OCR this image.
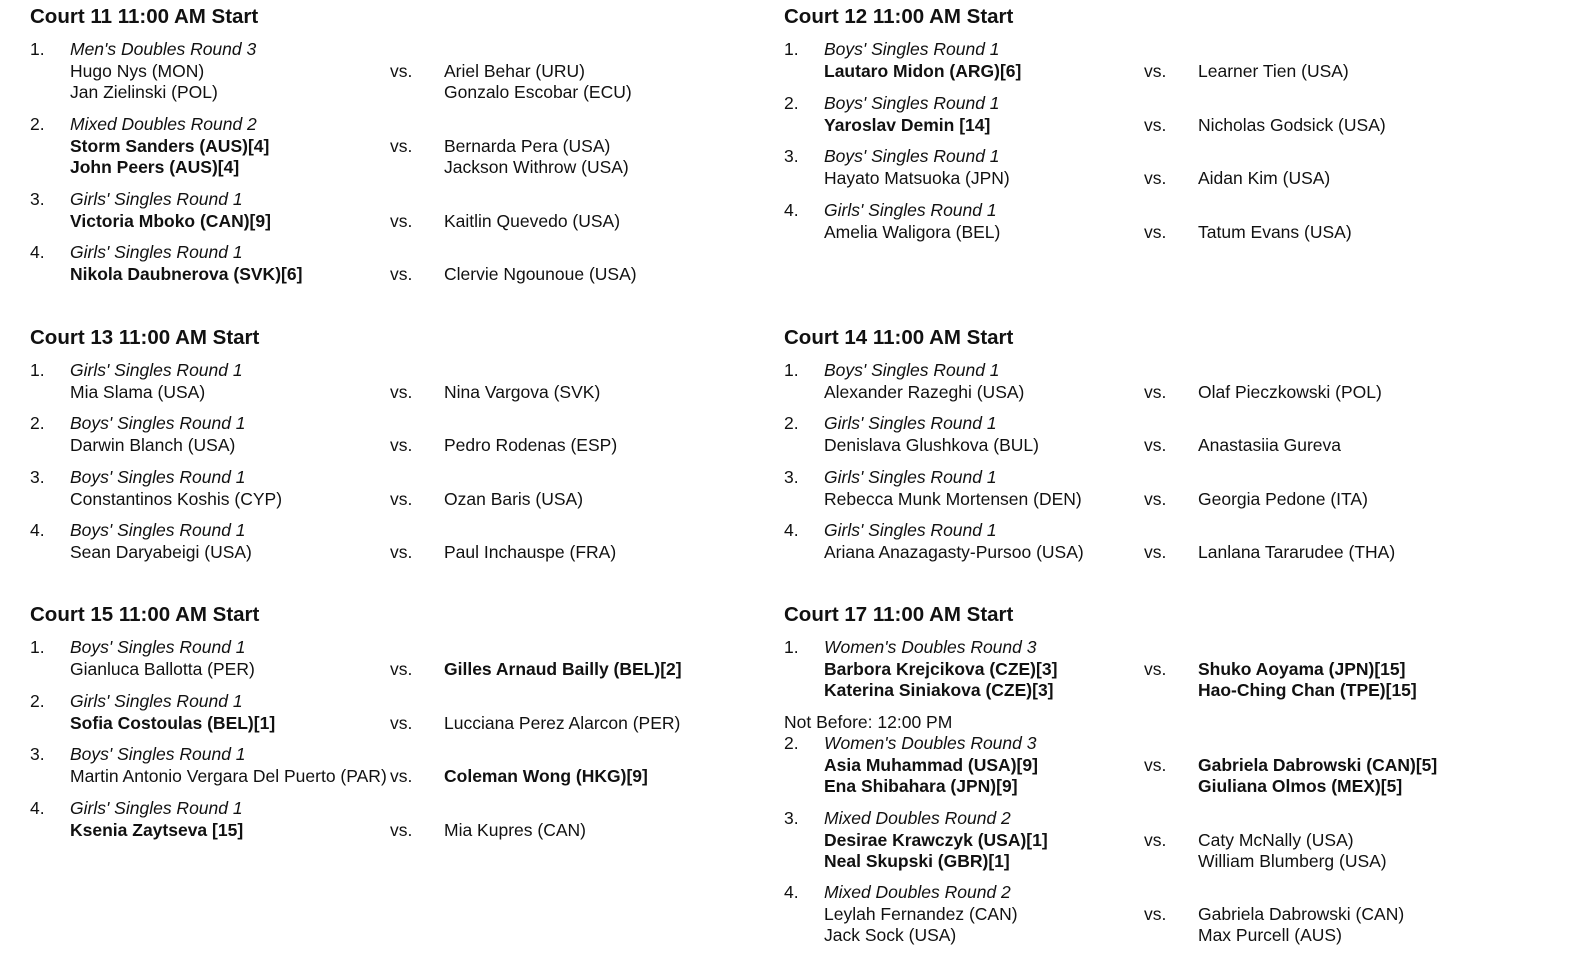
Court 11 11:00 AM Start
1. Men's Doubles Round 3
Hugo Nys (MON)
Jan Zielinski (POL)
vs. Ariel Behar (URU)
Gonzalo Escobar (ECU)
2. Mixed Doubles Round 2
Storm Sanders (AUS)[4]
John Peers (AUS)[4]
vs. Bernarda Pera (USA)
Jackson Withrow (USA)
3. Girls' Singles Round 1
Victoria Mboko (CAN)[9]	vs. Kaitlin Quevedo (USA)
4. Girls' Singles Round 1
Nikola Daubnerova (SVK)[6]	vs. Clervie Ngounoue (USA)
Court 12 11:00 AM Start
1. Boys' Singles Round 1
Lautaro Midon (ARG)[6]	vs. Learner Tien (USA)
2. Boys' Singles Round 1
Yaroslav Demin [14]	vs. Nicholas Godsick (USA)
3. Boys' Singles Round 1
Hayato Matsuoka (JPN)	vs. Aidan Kim (USA)
4. Girls' Singles Round 1
Amelia Waligora (BEL)	vs. Tatum Evans (USA)
Court 13 11:00 AM Start
1. Girls' Singles Round 1
Mia Slama (USA)	vs. Nina Vargova (SVK)
2. Boys' Singles Round 1
Darwin Blanch (USA)	vs. Pedro Rodenas (ESP)
3. Boys' Singles Round 1
Constantinos Koshis (CYP)	vs. Ozan Baris (USA)
4. Boys' Singles Round 1
Sean Daryabeigi (USA)	vs. Paul Inchauspe (FRA)
Court 14 11:00 AM Start
1. Boys' Singles Round 1
Alexander Razeghi (USA)	vs. Olaf Pieczkowski (POL)
2. Girls' Singles Round 1
Denislava Glushkova (BUL)	vs. Anastasiia Gureva
3. Girls' Singles Round 1
Rebecca Munk Mortensen (DEN)	vs. Georgia Pedone (ITA)
4. Girls' Singles Round 1
Ariana Anazagasty-Pursoo (USA)	vs. Lanlana Tararudee (THA)
Court 15 11:00 AM Start
1. Boys' Singles Round 1
Gianluca Ballotta (PER)	vs. Gilles Arnaud Bailly (BEL)[2]
2. Girls' Singles Round 1
Sofia Costoulas (BEL)[1]	vs. Lucciana Perez Alarcon (PER)
3. Boys' Singles Round 1
Martin Antonio Vergara Del Puerto (PAR) vs. Coleman Wong (HKG)[9]
4. Girls' Singles Round 1
Ksenia Zaytseva [15]	vs. Mia Kupres (CAN)
Court 17 11:00 AM Start
1. Women's Doubles Round 3
Barbora Krejcikova (CZE)[3]
Katerina Siniakova (CZE)[3]
vs. Shuko Aoyama (JPN)[15]
Hao-Ching Chan (TPE)[15]
Not Before: 12:00 PM
2. Women's Doubles Round 3
Asia Muhammad (USA)[9]
Ena Shibahara (JPN)[9]
vs. Gabriela Dabrowski (CAN)[5]
Giuliana Olmos (MEX)[5]
3. Mixed Doubles Round 2
Desirae Krawczyk (USA)[1]
Neal Skupski (GBR)[1]
vs. Caty McNally (USA)
William Blumberg (USA)
4. Mixed Doubles Round 2
Leylah Fernandez (CAN)
Jack Sock (USA)
vs. Gabriela Dabrowski (CAN)
Max Purcell (AUS)
